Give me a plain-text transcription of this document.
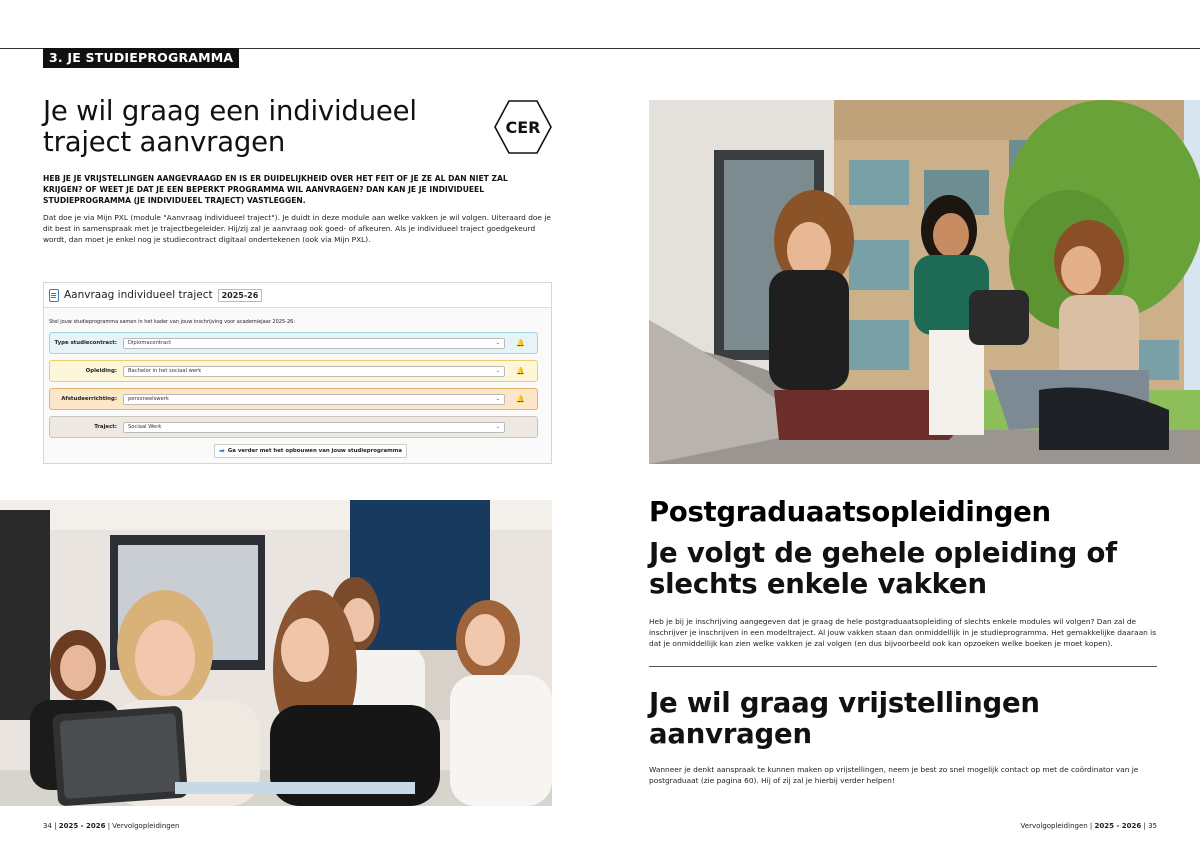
3. JE STUDIEPROGRAMMA
Je wil graag een individueel traject aanvragen	CER

HEB JE JE VRIJSTELLINGEN AANGEVRAAGD EN IS ER DUIDELIJKHEID OVER HET FEIT OF JE ZE AL DAN NIET ZAL KRIJGEN? OF WEET JE DAT JE EEN BEPERKT PROGRAMMA WIL AANVRAGEN? DAN KAN JE JE INDIVIDUEEL STUDIEPROGRAMMA (JE INDIVIDUEEL TRAJECT) VASTLEGGEN.

Dat doe je via Mijn PXL (module "Aanvraag individueel traject"). Je duidt in deze module aan welke vakken je wil volgen. Uiteraard doe je dit best in samenspraak met je trajectbegeleider. Hij/zij zal je aanvraag ook goed- of afkeuren. Als je individueel traject goedgekeurd wordt, dan moet je enkel nog je studiecontract digitaal ondertekenen (ook via Mijn PXL).

Aanvraag individueel traject	2025-26
Stel jouw studieprogramma samen in het kader van jouw inschrijving voor academiejaar 2025-26:
Type studiecontract:	Diplomacontract	⌄ 🔔
Opleiding:	Bachelor in het sociaal werk	⌄ 🔔
Afstudeerrichting:	personeelswerk	⌄ 🔔
Traject:	Sociaal Werk	⌄
➡ Ga verder met het opbouwen van jouw studieprogramma
Postgraduaatsopleidingen
Je volgt de gehele opleiding of slechts enkele vakken

Heb je bij je inschrijving aangegeven dat je graag de hele postgraduaatsopleiding of slechts enkele modules wil volgen? Dan zal de inschrijver je inschrijven in een modeltraject. Al jouw vakken staan dan onmiddellijk in je studieprogramma. Het gemakkelijke daaraan is dat je onmiddellijk kan zien welke vakken je zal volgen (en dus bijvoorbeeld ook kan opzoeken welke boeken je moet kopen).

Je wil graag vrijstellingen aanvragen

Wanneer je denkt aanspraak te kunnen maken op vrijstellingen, neem je best zo snel mogelijk contact op met de coördinator van je postgraduaat (zie pagina 60). Hij of zij zal je hierbij verder helpen!

34 | 2025 - 2026 | Vervolgopleidingen	Vervolgopleidingen | 2025 - 2026 | 35
